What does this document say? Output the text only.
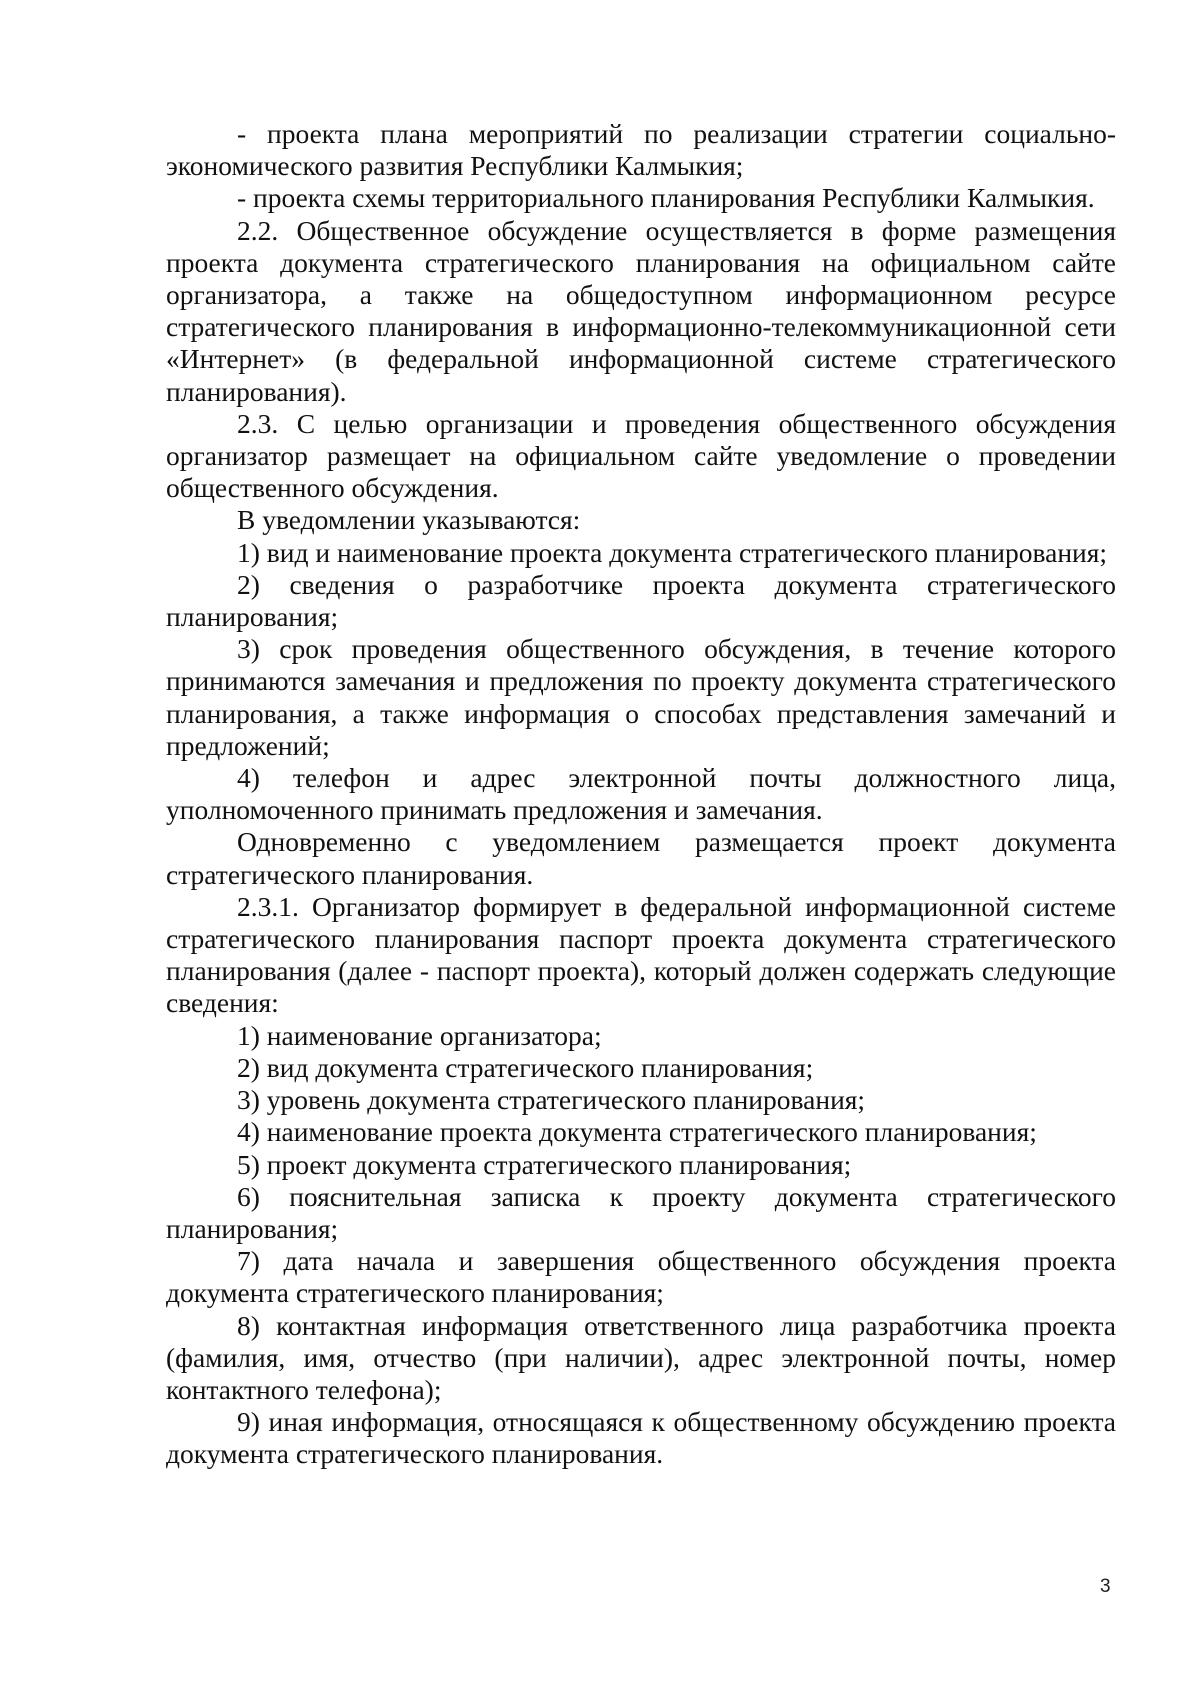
- проекта плана мероприятий по реализации стратегии социально-экономического развития Республики Калмыкия;

- проекта схемы территориального планирования Республики Калмыкия.

2.2. Общественное обсуждение осуществляется в форме размещения проекта документа стратегического планирования на официальном сайте организатора, а также на общедоступном информационном ресурсе стратегического планирования в информационно-телекоммуникационной сети «Интернет» (в федеральной информационной системе стратегического планирования).

2.3. С целью организации и проведения общественного обсуждения организатор размещает на официальном сайте уведомление о проведении общественного обсуждения.

В уведомлении указываются:

1) вид и наименование проекта документа стратегического планирования;

2) сведения о разработчике проекта документа стратегического планирования;

3) срок проведения общественного обсуждения, в течение которого принимаются замечания и предложения по проекту документа стратегического планирования, а также информация о способах представления замечаний и предложений;

4) телефон и адрес электронной почты должностного лица, уполномоченного принимать предложения и замечания.

Одновременно с уведомлением размещается проект документа стратегического планирования.

2.3.1. Организатор формирует в федеральной информационной системе стратегического планирования паспорт проекта документа стратегического планирования (далее - паспорт проекта), который должен содержать следующие сведения:

1) наименование организатора;

2) вид документа стратегического планирования;

3) уровень документа стратегического планирования;

4) наименование проекта документа стратегического планирования;

5) проект документа стратегического планирования;

6) пояснительная записка к проекту документа стратегического планирования;

7) дата начала и завершения общественного обсуждения проекта документа стратегического планирования;

8) контактная информация ответственного лица разработчика проекта (фамилия, имя, отчество (при наличии), адрес электронной почты, номер контактного телефона);

9) иная информация, относящаяся к общественному обсуждению проекта документа стратегического планирования.

3
